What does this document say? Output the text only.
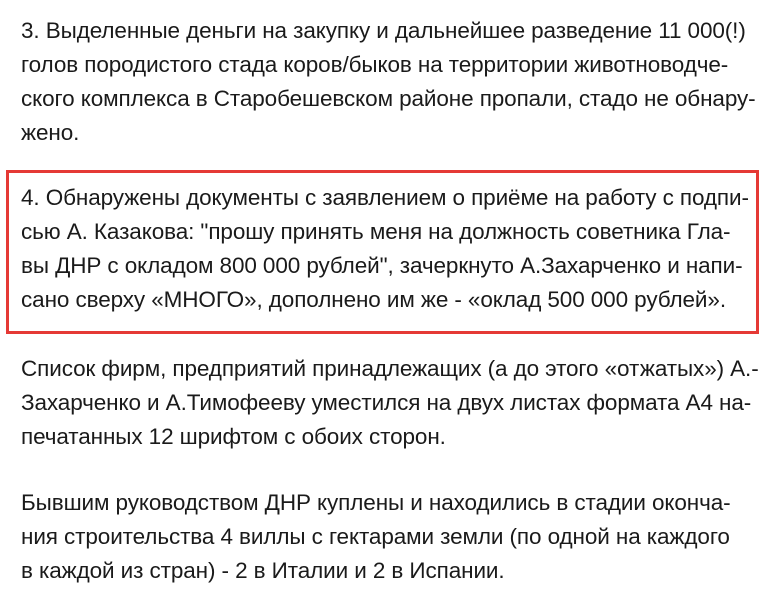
3. Выделенные деньги на закупку и дальнейшее разведение 11 000(!)
голов породистого стада коров/быков на территории животноводче-
ского комплекса в Старобешевском районе пропали, стадо не обнару-
жено.
4. Обнаружены документы с заявлением о приёме на работу с подпи-
сью А. Казакова: "прошу принять меня на должность советника Гла-
вы ДНР с окладом 800 000 рублей", зачеркнуто А.Захарченко и напи-
сано сверху «МНОГО», дополнено им же - «оклад 500 000 рублей».
Список фирм, предприятий принадлежащих (а до этого «отжатых») А.-
Захарченко и А.Тимофееву уместился на двух листах формата А4 на-
печатанных 12 шрифтом с обоих сторон.
Бывшим руководством ДНР куплены и находились в стадии оконча-
ния строительства 4 виллы с гектарами земли (по одной на каждого
в каждой из стран) - 2 в Италии и 2 в Испании.
